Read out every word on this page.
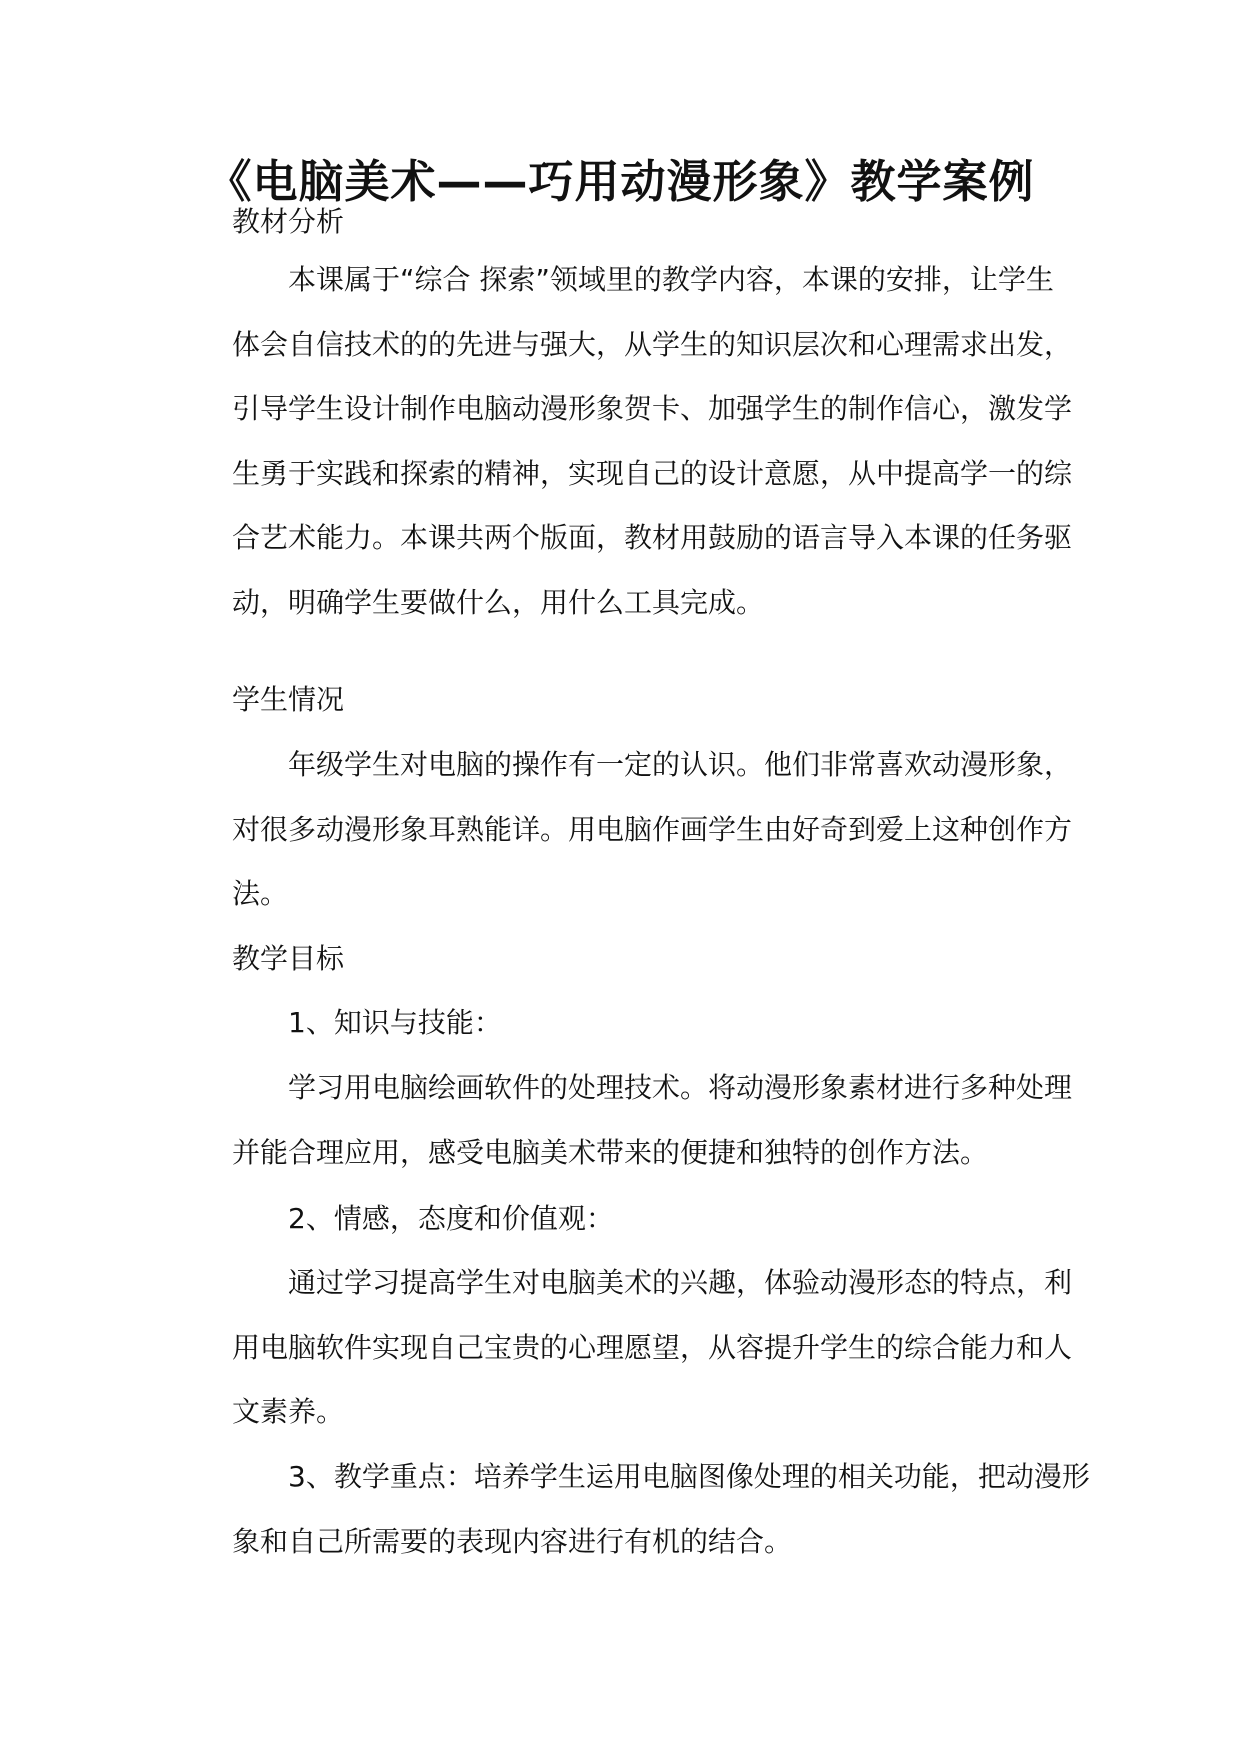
《电脑美术——巧用动漫形象》教学案例
教材分析
本课属于“综合 探索”领域里的教学内容，本课的安排，让学生
体会自信技术的的先进与强大，从学生的知识层次和心理需求出发，
引导学生设计制作电脑动漫形象贺卡、加强学生的制作信心，激发学
生勇于实践和探索的精神，实现自己的设计意愿，从中提高学一的综
合艺术能力。本课共两个版面，教材用鼓励的语言导入本课的任务驱
动，明确学生要做什么，用什么工具完成。
学生情况
年级学生对电脑的操作有一定的认识。他们非常喜欢动漫形象，
对很多动漫形象耳熟能详。用电脑作画学生由好奇到爱上这种创作方
法。
教学目标
1、知识与技能：
学习用电脑绘画软件的处理技术。将动漫形象素材进行多种处理
并能合理应用，感受电脑美术带来的便捷和独特的创作方法。
2、情感，态度和价值观：
通过学习提高学生对电脑美术的兴趣，体验动漫形态的特点，利
用电脑软件实现自己宝贵的心理愿望，从容提升学生的综合能力和人
文素养。
3、教学重点：培养学生运用电脑图像处理的相关功能，把动漫形
象和自己所需要的表现内容进行有机的结合。
